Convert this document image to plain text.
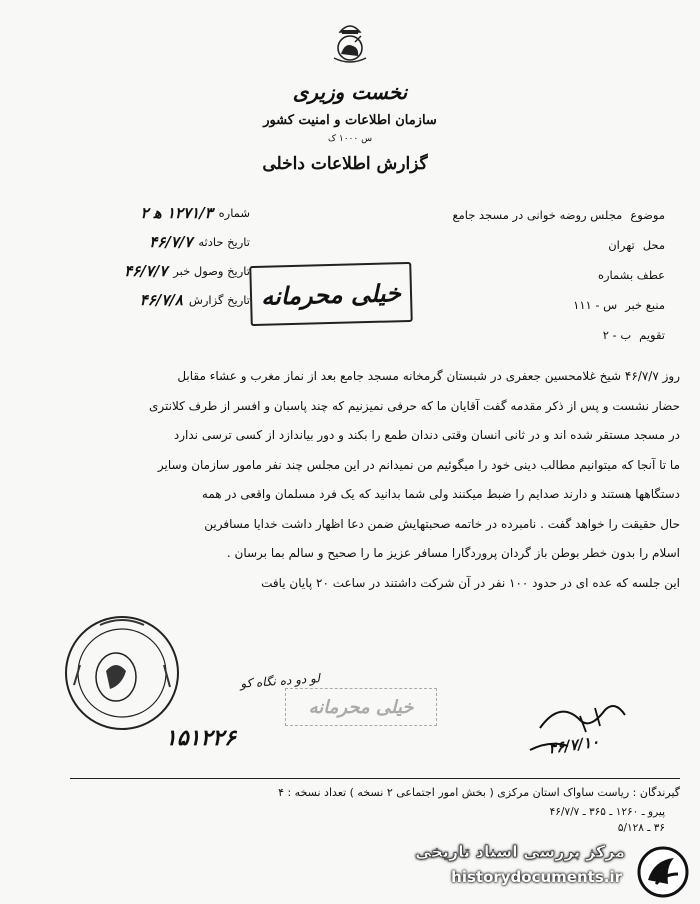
نخست وزیری
سازمان اطلاعات و امنیت کشور
س ۱۰۰۰ ک
گزارش اطلاعات داخلی
شماره
۱۲۷۱/۳ ه‍ ۲
تاریخ حادثه
۴۶/۷/۷
تاریخ وصول خبر
۴۶/۷/۷
تاریخ گزارش
۴۶/۷/۸
موضوع
مجلس روضه خوانی در مسجد جامع
محل
تهران
عطف بشماره
منبع خبر
س - ۱۱۱
تقویم
ب - ۲
خیلی محرمانه

روز ۴۶/۷/۷ شیخ غلامحسین جعفری در شبستان گرمخانه مسجد جامع بعد از نماز مغرب و عشاء مقابل

حضار نشست و پس از ذکر مقدمه گفت آقایان ما که حرفی نمیزنیم که چند پاسبان و افسر از طرف کلانتری

در مسجد مستقر شده اند و در ثانی انسان وقتی دندان طمع را بکند و دور بیاندازد از کسی ترسی ندارد

ما تا آنجا که میتوانیم مطالب دینی خود را میگوئیم من نمیدانم در این مجلس چند نفر مامور سازمان وسایر

دستگاهها هستند و دارند صدایم را ضبط میکنند ولی شما بدانید که یک فرد مسلمان واقعی در همه

حال حقیقت را خواهد گفت . نامبرده در خاتمه صحبتهایش ضمن دعا اظهار داشت خدایا مسافرین

اسلام را بدون خطر بوطن باز گردان پروردگارا مسافر عزیز ما را صحیح و سالم بما برسان .

این جلسه که عده ای در حدود ۱۰۰ نفر در آن شرکت داشتند در ساعت ۲۰ پایان یافت

لو دو ده نگاه کو
خیلی محرمانه
۱۵۱۲۲۶	۴۶/۷/۱۰
گیرندگان : ریاست ساواک استان مرکزی ( بخش امور اجتماعی ۲ نسخه ) تعداد نسخه : ۴
پیرو ـ ۱۲۶۰ ـ ۳۶۵ ـ ۴۶/۷/۷
۳۶ ـ ۵/۱۲۸
مرکز بررسی اسناد تاریخی
historydocuments.ir
